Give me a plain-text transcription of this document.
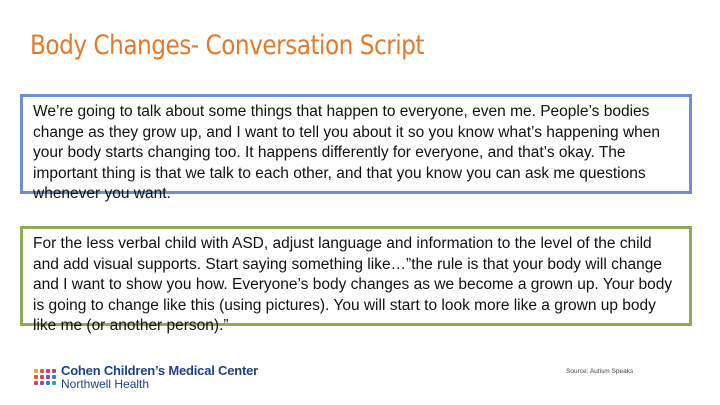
Body Changes- Conversation Script

We’re going to talk about some things that happen to everyone, even me. People’s bodies change as they grow up, and I want to tell you about it so you know what’s happening when your body starts changing too. It happens differently for everyone, and that’s okay. The important thing is that we talk to each other, and that you know you can ask me questions whenever you want.

For the less verbal child with ASD, adjust language and information to the level of the child and add visual supports. Start saying something like…”the rule is that your body will change and I want to show you how. Everyone’s body changes as we become a grown up. Your body is going to change like this (using pictures). You will start to look more like a grown up body like me (or another person).”

Cohen Children’s Medical Center
Northwell Health
Source: Autism Speaks
